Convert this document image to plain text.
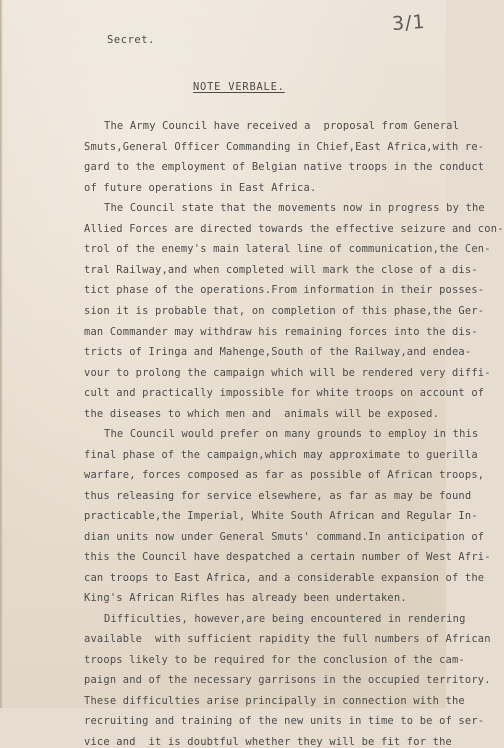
3/1
Secret.
NOTE VERBALE.
The Army Council have received a  proposal from General
Smuts,General Officer Commanding in Chief,East Africa,with re-
gard to the employment of Belgian native troops in the conduct
of future operations in East Africa.
The Council state that the movements now in progress by the
Allied Forces are directed towards the effective seizure and con-
trol of the enemy's main lateral line of communication,the Cen-
tral Railway,and when completed will mark the close of a dis-
tict phase of the operations.From information in their posses-
sion it is probable that, on completion of this phase,the Ger-
man Commander may withdraw his remaining forces into the dis-
tricts of Iringa and Mahenge,South of the Railway,and endea-
vour to prolong the campaign which will be rendered very diffi-
cult and practically impossible for white troops on account of
the diseases to which men and  animals will be exposed.
The Council would prefer on many grounds to employ in this
final phase of the campaign,which may approximate to guerilla
warfare, forces composed as far as possible of African troops,
thus releasing for service elsewhere, as far as may be found
practicable,the Imperial, White South African and Regular In-
dian units now under General Smuts' command.In anticipation of
this the Council have despatched a certain number of West Afri-
can troops to East Africa, and a considerable expansion of the
King's African Rifles has already been undertaken.
Difficulties, however,are being encountered in rendering
available  with sufficient rapidity the full numbers of African
troops likely to be required for the conclusion of the cam-
paign and of the necessary garrisons in the occupied territory.
These difficulties arise principally in connection with the
recruiting and training of the new units in time to be of ser-
vice and  it is doubtful whether they will be fit for the
